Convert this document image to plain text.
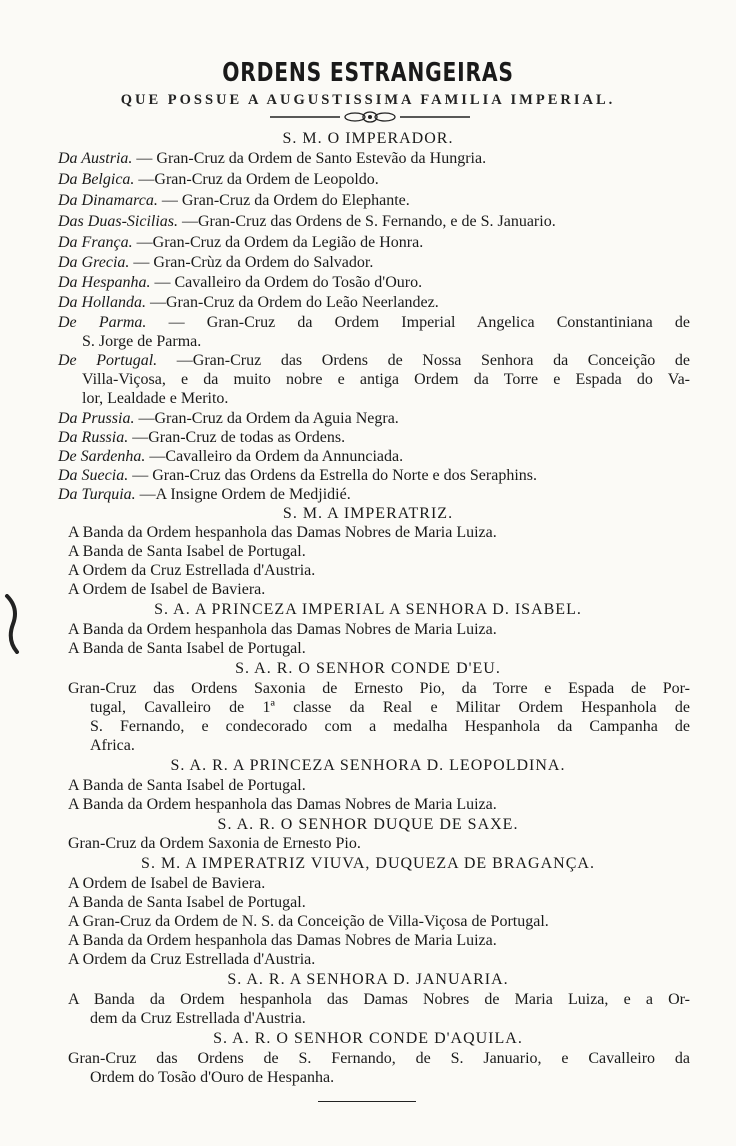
ORDENS ESTRANGEIRAS
QUE POSSUE A AUGUSTISSIMA FAMILIA IMPERIAL.
S. M. O IMPERADOR.
Da Austria. — Gran-Cruz da Ordem de Santo Estevão da Hungria.
Da Belgica. —Gran-Cruz da Ordem de Leopoldo.
Da Dinamarca. — Gran-Cruz da Ordem do Elephante.
Das Duas-Sicilias. —Gran-Cruz das Ordens de S. Fernando, e de S. Januario.
Da França. —Gran-Cruz da Ordem da Legião de Honra.
Da Grecia. — Gran-Crùz da Ordem do Salvador.
Da Hespanha. — Cavalleiro da Ordem do Tosão d'Ouro.
Da Hollanda. —Gran-Cruz da Ordem do Leão Neerlandez.
De Parma. — Gran-Cruz da Ordem Imperial Angelica Constantiniana de
S. Jorge de Parma.
De Portugal. —Gran-Cruz das Ordens de Nossa Senhora da Conceição de
Villa-Viçosa, e da muito nobre e antiga Ordem da Torre e Espada do Va-
lor, Lealdade e Merito.
Da Prussia. —Gran-Cruz da Ordem da Aguia Negra.
Da Russia. —Gran-Cruz de todas as Ordens.
De Sardenha. —Cavalleiro da Ordem da Annunciada.
Da Suecia. — Gran-Cruz das Ordens da Estrella do Norte e dos Seraphins.
Da Turquia. —A Insigne Ordem de Medjidié.
S. M. A IMPERATRIZ.
A Banda da Ordem hespanhola das Damas Nobres de Maria Luiza.
A Banda de Santa Isabel de Portugal.
A Ordem da Cruz Estrellada d'Austria.
A Ordem de Isabel de Baviera.
S. A. A PRINCEZA IMPERIAL A SENHORA D. ISABEL.
A Banda da Ordem hespanhola das Damas Nobres de Maria Luiza.
A Banda de Santa Isabel de Portugal.
S. A. R. O SENHOR CONDE D'EU.
Gran-Cruz das Ordens Saxonia de Ernesto Pio, da Torre e Espada de Por-
tugal, Cavalleiro de 1ª classe da Real e Militar Ordem Hespanhola de
S. Fernando, e condecorado com a medalha Hespanhola da Campanha de
Africa.
S. A. R. A PRINCEZA SENHORA D. LEOPOLDINA.
A Banda de Santa Isabel de Portugal.
A Banda da Ordem hespanhola das Damas Nobres de Maria Luiza.
S. A. R. O SENHOR DUQUE DE SAXE.
Gran-Cruz da Ordem Saxonia de Ernesto Pio.
S. M. A IMPERATRIZ VIUVA, DUQUEZA DE BRAGANÇA.
A Ordem de Isabel de Baviera.
A Banda de Santa Isabel de Portugal.
A Gran-Cruz da Ordem de N. S. da Conceição de Villa-Viçosa de Portugal.
A Banda da Ordem hespanhola das Damas Nobres de Maria Luiza.
A Ordem da Cruz Estrellada d'Austria.
S. A. R. A SENHORA D. JANUARIA.
A Banda da Ordem hespanhola das Damas Nobres de Maria Luiza, e a Or-
dem da Cruz Estrellada d'Austria.
S. A. R. O SENHOR CONDE D'AQUILA.
Gran-Cruz das Ordens de S. Fernando, de S. Januario, e Cavalleiro da
Ordem do Tosão d'Ouro de Hespanha.
